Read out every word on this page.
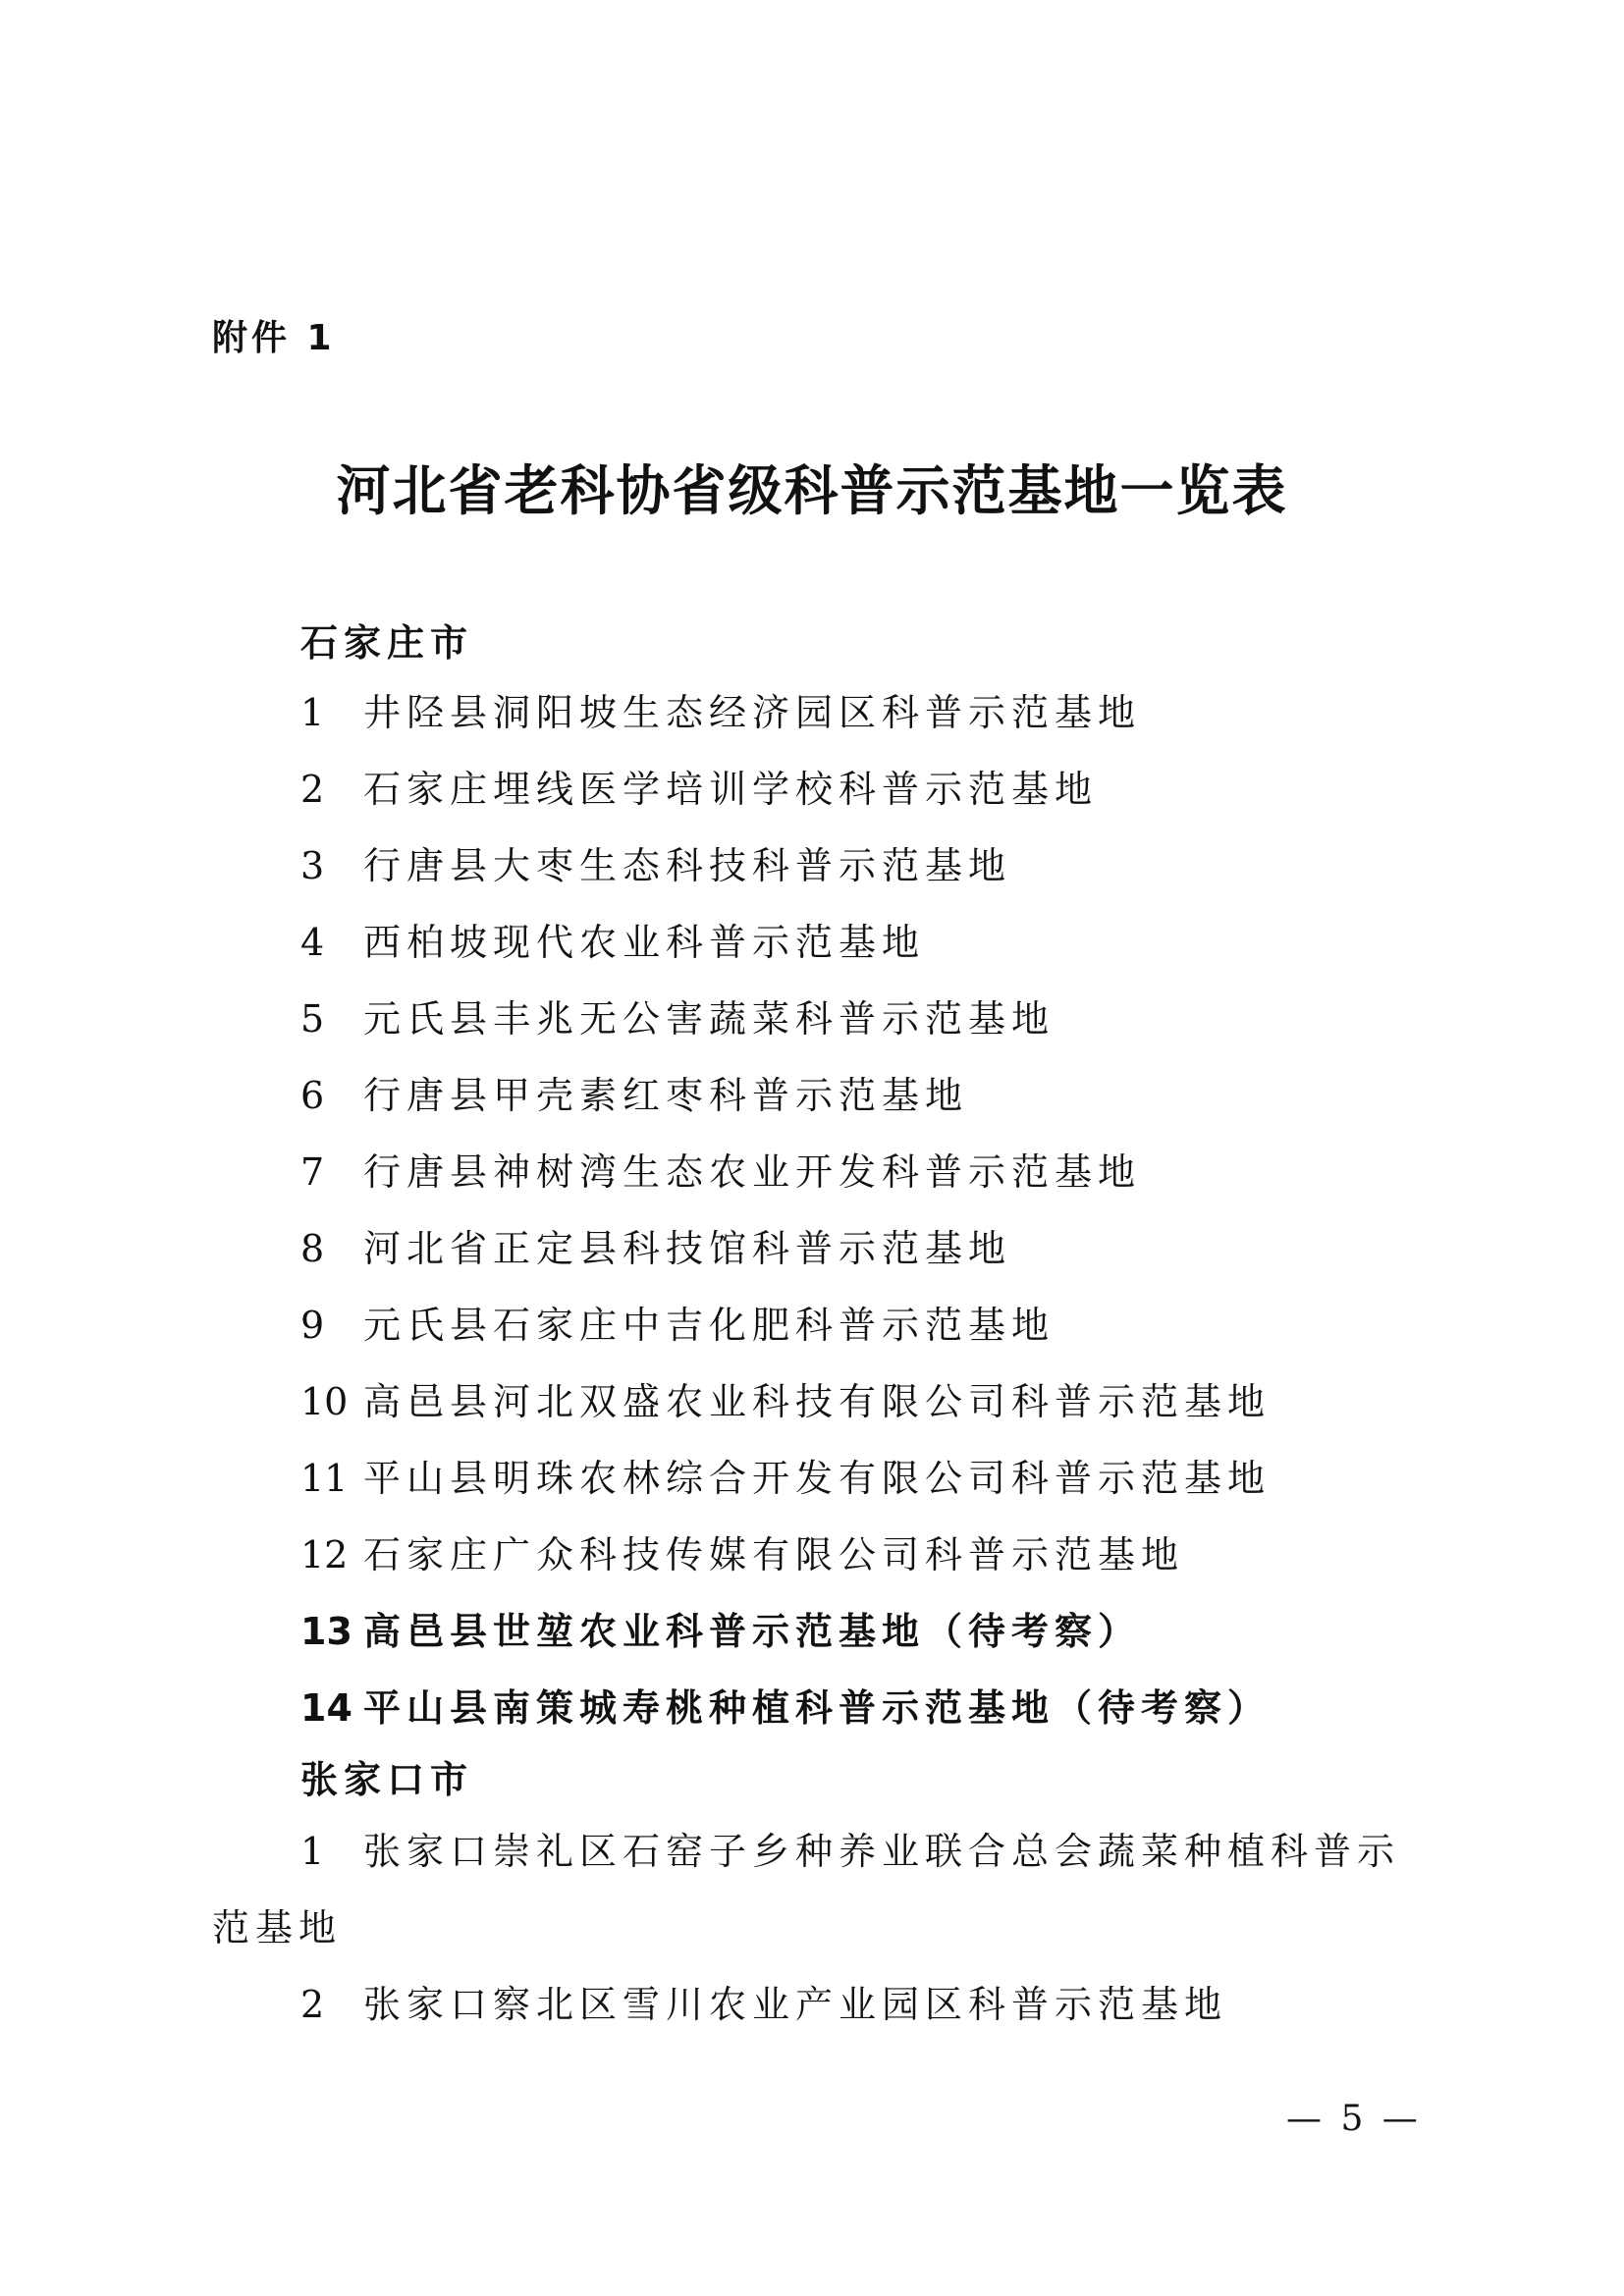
附件 1
河北省老科协省级科普示范基地一览表
石家庄市
1 井陉县洞阳坡生态经济园区科普示范基地
2 石家庄埋线医学培训学校科普示范基地
3 行唐县大枣生态科技科普示范基地
4 西柏坡现代农业科普示范基地
5 元氏县丰兆无公害蔬菜科普示范基地
6 行唐县甲壳素红枣科普示范基地
7 行唐县神树湾生态农业开发科普示范基地
8 河北省正定县科技馆科普示范基地
9 元氏县石家庄中吉化肥科普示范基地
10 高邑县河北双盛农业科技有限公司科普示范基地
11 平山县明珠农林综合开发有限公司科普示范基地
12 石家庄广众科技传媒有限公司科普示范基地
13 高邑县世堃农业科普示范基地（待考察）
14 平山县南策城寿桃种植科普示范基地（待考察）
张家口市
1 张家口崇礼区石窑子乡种养业联合总会蔬菜种植科普示
范基地
2 张家口察北区雪川农业产业园区科普示范基地
— 5 —
